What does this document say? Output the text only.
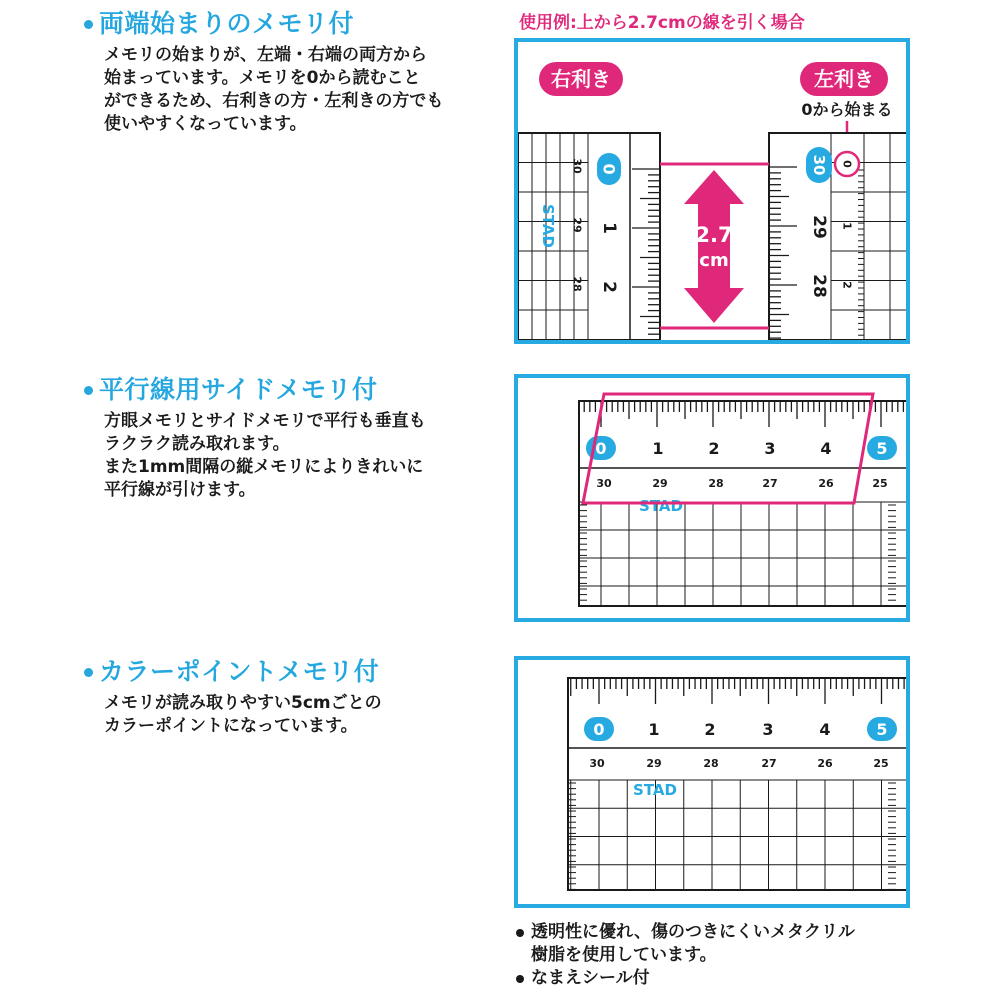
両端始まりのメモリ付
メモリの始まりが、左端・右端の両方から
始まっています。メモリを0から読むこと
ができるため、右利きの方・左利きの方でも
使いやすくなっています。
平行線用サイドメモリ付
方眼メモリとサイドメモリで平行も垂直も
ラクラク読み取れます。
また1mm間隔の縦メモリによりきれいに
平行線が引けます。
カラーポイントメモリ付
メモリが読み取りやすい5cmごとの
カラーポイントになっています。
使用例:上から2.7cmの線を引く場合
右利き	左利き
0から始まる
0
1
2
30
29
28
STAD
30
29
28
0
1
2
2.7
cm
0	1	2	3	4	5
30	29	28	27	26	25
STAD
0	1	2	3	4	5
30	29	28	27	26	25
STAD
透明性に優れ、傷のつきにくいメタクリル
樹脂を使用しています。
なまえシール付
